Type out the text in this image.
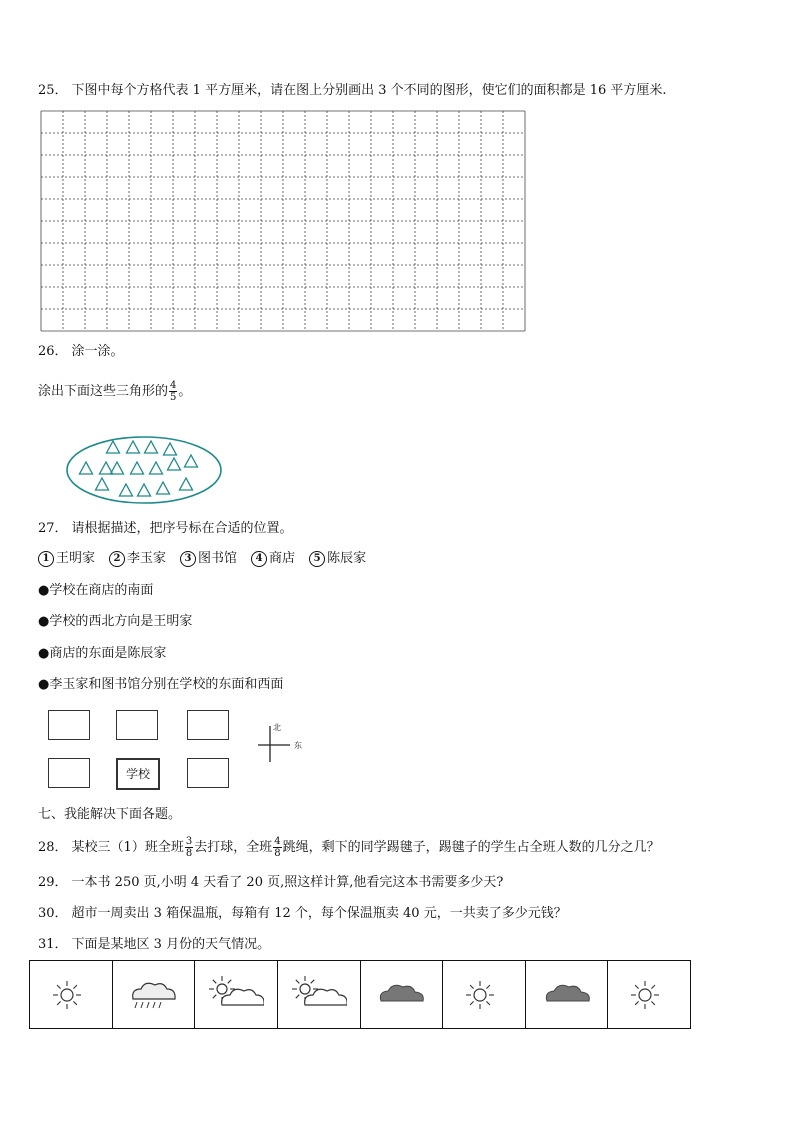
25． 下图中每个方格代表 1 平方厘米，请在图上分别画出 3 个不同的图形，使它们的面积都是 16 平方厘米.
26． 涂一涂。
涂出下面这些三角形的 $\frac{4}{5}$ 。
27． 请根据描述，把序号标在合适的位置。
1 王明家 2 李玉家 3 图书馆 4 商店 5 陈辰家
●学校在商店的南面
●学校的西北方向是王明家
●商店的东面是陈辰家
●李玉家和图书馆分别在学校的东面和西面
学校
北
东
七、我能解决下面各题。
28． 某校三（1）班全班 $\frac{3}{8}$ 去打球，全班 $\frac{4}{8}$ 跳绳，剩下的同学踢毽子，踢毽子的学生占全班人数的几分之几？
29． 一本书 250 页,小明 4 天看了 20 页,照这样计算,他看完这本书需要多少天?
30． 超市一周卖出 3 箱保温瓶，每箱有 12 个，每个保温瓶卖 40 元，一共卖了多少元钱？
31． 下面是某地区 3 月份的天气情况。
